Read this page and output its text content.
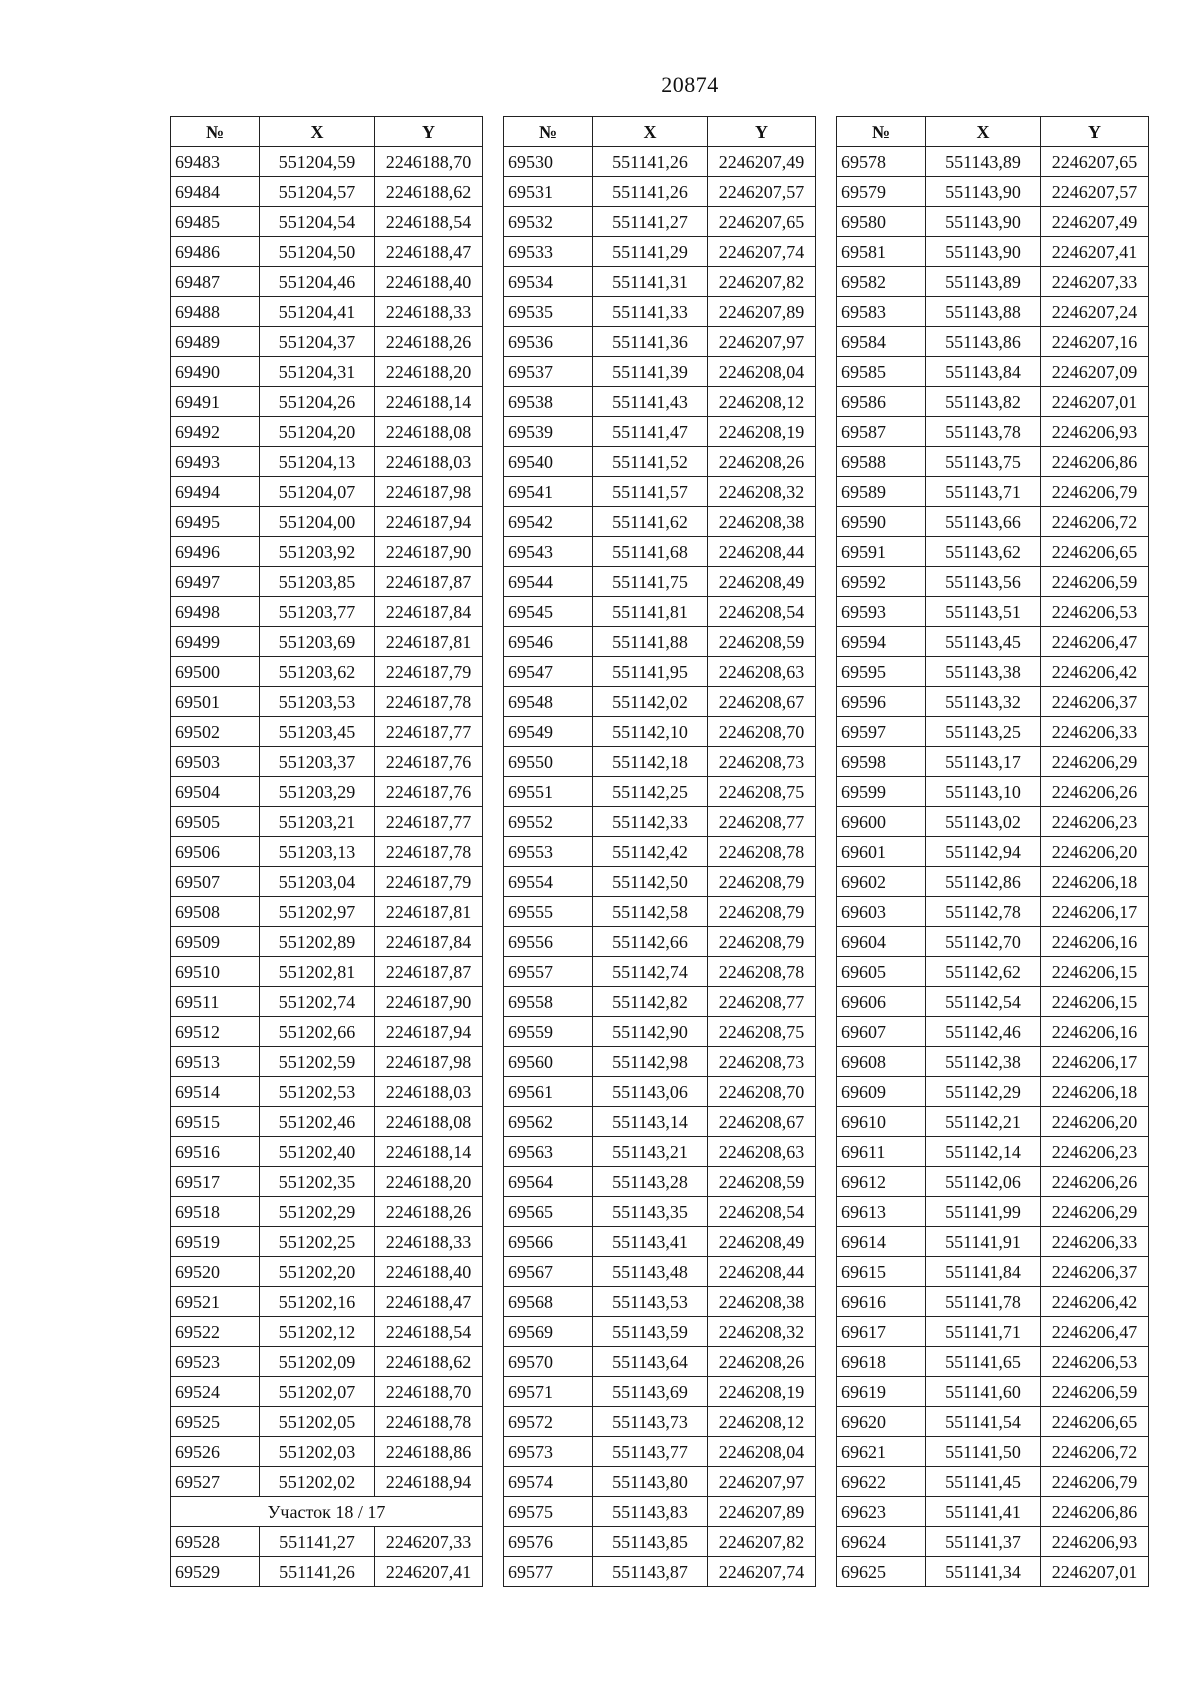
20874
№	X	Y
69483	551204,59	2246188,70
69484	551204,57	2246188,62
69485	551204,54	2246188,54
69486	551204,50	2246188,47
69487	551204,46	2246188,40
69488	551204,41	2246188,33
69489	551204,37	2246188,26
69490	551204,31	2246188,20
69491	551204,26	2246188,14
69492	551204,20	2246188,08
69493	551204,13	2246188,03
69494	551204,07	2246187,98
69495	551204,00	2246187,94
69496	551203,92	2246187,90
69497	551203,85	2246187,87
69498	551203,77	2246187,84
69499	551203,69	2246187,81
69500	551203,62	2246187,79
69501	551203,53	2246187,78
69502	551203,45	2246187,77
69503	551203,37	2246187,76
69504	551203,29	2246187,76
69505	551203,21	2246187,77
69506	551203,13	2246187,78
69507	551203,04	2246187,79
69508	551202,97	2246187,81
69509	551202,89	2246187,84
69510	551202,81	2246187,87
69511	551202,74	2246187,90
69512	551202,66	2246187,94
69513	551202,59	2246187,98
69514	551202,53	2246188,03
69515	551202,46	2246188,08
69516	551202,40	2246188,14
69517	551202,35	2246188,20
69518	551202,29	2246188,26
69519	551202,25	2246188,33
69520	551202,20	2246188,40
69521	551202,16	2246188,47
69522	551202,12	2246188,54
69523	551202,09	2246188,62
69524	551202,07	2246188,70
69525	551202,05	2246188,78
69526	551202,03	2246188,86
69527	551202,02	2246188,94
Участок 18 / 17		
69528	551141,27	2246207,33
69529	551141,26	2246207,41
№	X	Y
69530	551141,26	2246207,49
69531	551141,26	2246207,57
69532	551141,27	2246207,65
69533	551141,29	2246207,74
69534	551141,31	2246207,82
69535	551141,33	2246207,89
69536	551141,36	2246207,97
69537	551141,39	2246208,04
69538	551141,43	2246208,12
69539	551141,47	2246208,19
69540	551141,52	2246208,26
69541	551141,57	2246208,32
69542	551141,62	2246208,38
69543	551141,68	2246208,44
69544	551141,75	2246208,49
69545	551141,81	2246208,54
69546	551141,88	2246208,59
69547	551141,95	2246208,63
69548	551142,02	2246208,67
69549	551142,10	2246208,70
69550	551142,18	2246208,73
69551	551142,25	2246208,75
69552	551142,33	2246208,77
69553	551142,42	2246208,78
69554	551142,50	2246208,79
69555	551142,58	2246208,79
69556	551142,66	2246208,79
69557	551142,74	2246208,78
69558	551142,82	2246208,77
69559	551142,90	2246208,75
69560	551142,98	2246208,73
69561	551143,06	2246208,70
69562	551143,14	2246208,67
69563	551143,21	2246208,63
69564	551143,28	2246208,59
69565	551143,35	2246208,54
69566	551143,41	2246208,49
69567	551143,48	2246208,44
69568	551143,53	2246208,38
69569	551143,59	2246208,32
69570	551143,64	2246208,26
69571	551143,69	2246208,19
69572	551143,73	2246208,12
69573	551143,77	2246208,04
69574	551143,80	2246207,97
69575	551143,83	2246207,89
69576	551143,85	2246207,82
69577	551143,87	2246207,74
№	X	Y
69578	551143,89	2246207,65
69579	551143,90	2246207,57
69580	551143,90	2246207,49
69581	551143,90	2246207,41
69582	551143,89	2246207,33
69583	551143,88	2246207,24
69584	551143,86	2246207,16
69585	551143,84	2246207,09
69586	551143,82	2246207,01
69587	551143,78	2246206,93
69588	551143,75	2246206,86
69589	551143,71	2246206,79
69590	551143,66	2246206,72
69591	551143,62	2246206,65
69592	551143,56	2246206,59
69593	551143,51	2246206,53
69594	551143,45	2246206,47
69595	551143,38	2246206,42
69596	551143,32	2246206,37
69597	551143,25	2246206,33
69598	551143,17	2246206,29
69599	551143,10	2246206,26
69600	551143,02	2246206,23
69601	551142,94	2246206,20
69602	551142,86	2246206,18
69603	551142,78	2246206,17
69604	551142,70	2246206,16
69605	551142,62	2246206,15
69606	551142,54	2246206,15
69607	551142,46	2246206,16
69608	551142,38	2246206,17
69609	551142,29	2246206,18
69610	551142,21	2246206,20
69611	551142,14	2246206,23
69612	551142,06	2246206,26
69613	551141,99	2246206,29
69614	551141,91	2246206,33
69615	551141,84	2246206,37
69616	551141,78	2246206,42
69617	551141,71	2246206,47
69618	551141,65	2246206,53
69619	551141,60	2246206,59
69620	551141,54	2246206,65
69621	551141,50	2246206,72
69622	551141,45	2246206,79
69623	551141,41	2246206,86
69624	551141,37	2246206,93
69625	551141,34	2246207,01
